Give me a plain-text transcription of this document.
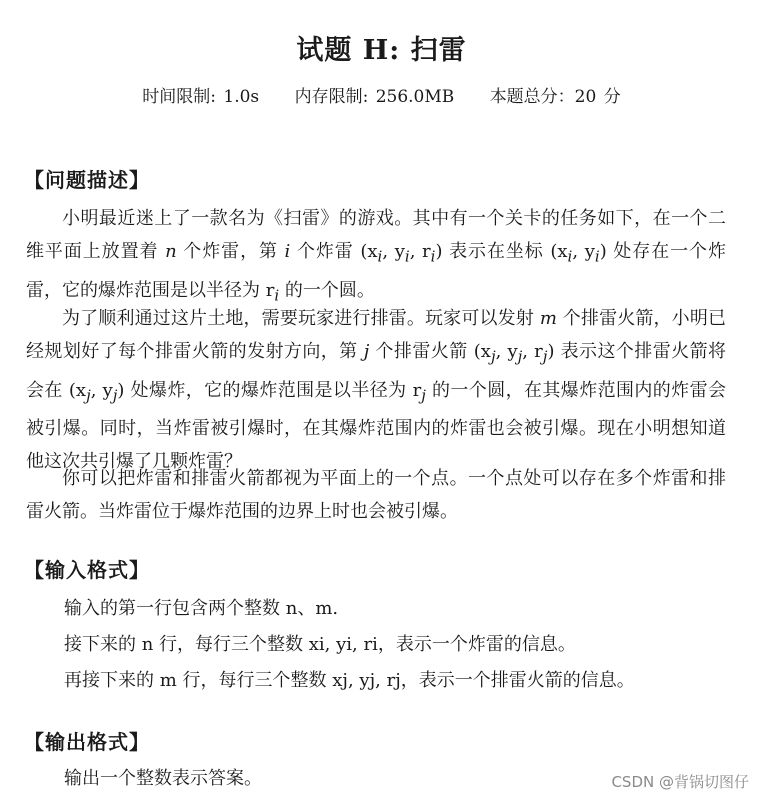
试题 H: 扫雷
时间限制: 1.0s 内存限制: 256.0MB 本题总分：20 分
【问题描述】

小明最近迷上了一款名为《扫雷》的游戏。其中有一个关卡的任务如下，在一个二维平面上放置着 n 个炸雷，第 i 个炸雷 ($x_i$, $y_i$, $r_i$) 表示在坐标 ($x_i$, $y_i$) 处存在一个炸雷，它的爆炸范围是以半径为 $r_i$ 的一个圆。

为了顺利通过这片土地，需要玩家进行排雷。玩家可以发射 m 个排雷火箭，小明已经规划好了每个排雷火箭的发射方向，第 j 个排雷火箭 ($x_j$, $y_j$, $r_j$) 表示这个排雷火箭将会在 ($x_j$, $y_j$) 处爆炸，它的爆炸范围是以半径为 $r_j$ 的一个圆，在其爆炸范围内的炸雷会被引爆。同时，当炸雷被引爆时，在其爆炸范围内的炸雷也会被引爆。现在小明想知道他这次共引爆了几颗炸雷？

你可以把炸雷和排雷火箭都视为平面上的一个点。一个点处可以存在多个炸雷和排雷火箭。当炸雷位于爆炸范围的边界上时也会被引爆。

【输入格式】
输入的第一行包含两个整数 n、m.
接下来的 n 行，每行三个整数 xi, yi, ri，表示一个炸雷的信息。
再接下来的 m 行，每行三个整数 xj, yj, rj，表示一个排雷火箭的信息。
【输出格式】
输出一个整数表示答案。	CSDN @背锅切图仔
